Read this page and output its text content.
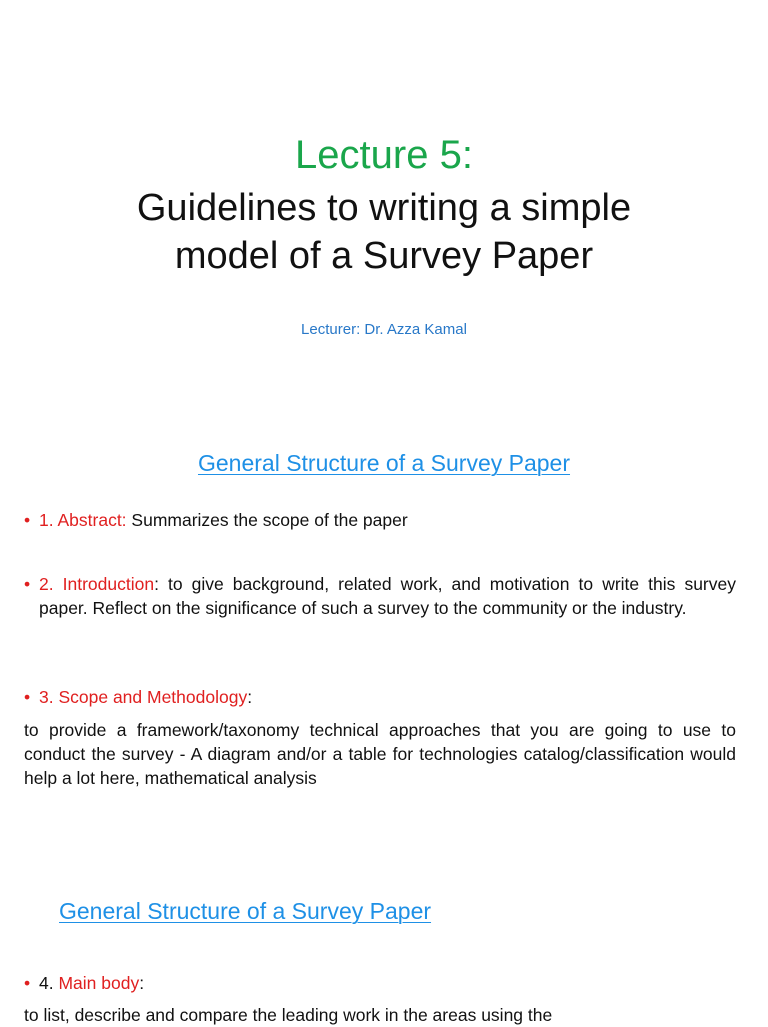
Lecture 5:
Guidelines to writing a simple
model of a Survey Paper
Lecturer: Dr. Azza Kamal
General Structure of a Survey Paper
• 1. Abstract: Summarizes the scope of the paper
• 2. Introduction: to give background, related work, and motivation to write this survey paper. Reflect on the significance of such a survey to the community or the industry.
• 3. Scope and Methodology:
to provide a framework/taxonomy technical approaches that you are going to use to conduct the survey - A diagram and/or a table for technologies catalog/classification would help a lot here, mathematical analysis
General Structure of a Survey Paper
• 4. Main body:
to list, describe and compare the leading work in the areas using the
